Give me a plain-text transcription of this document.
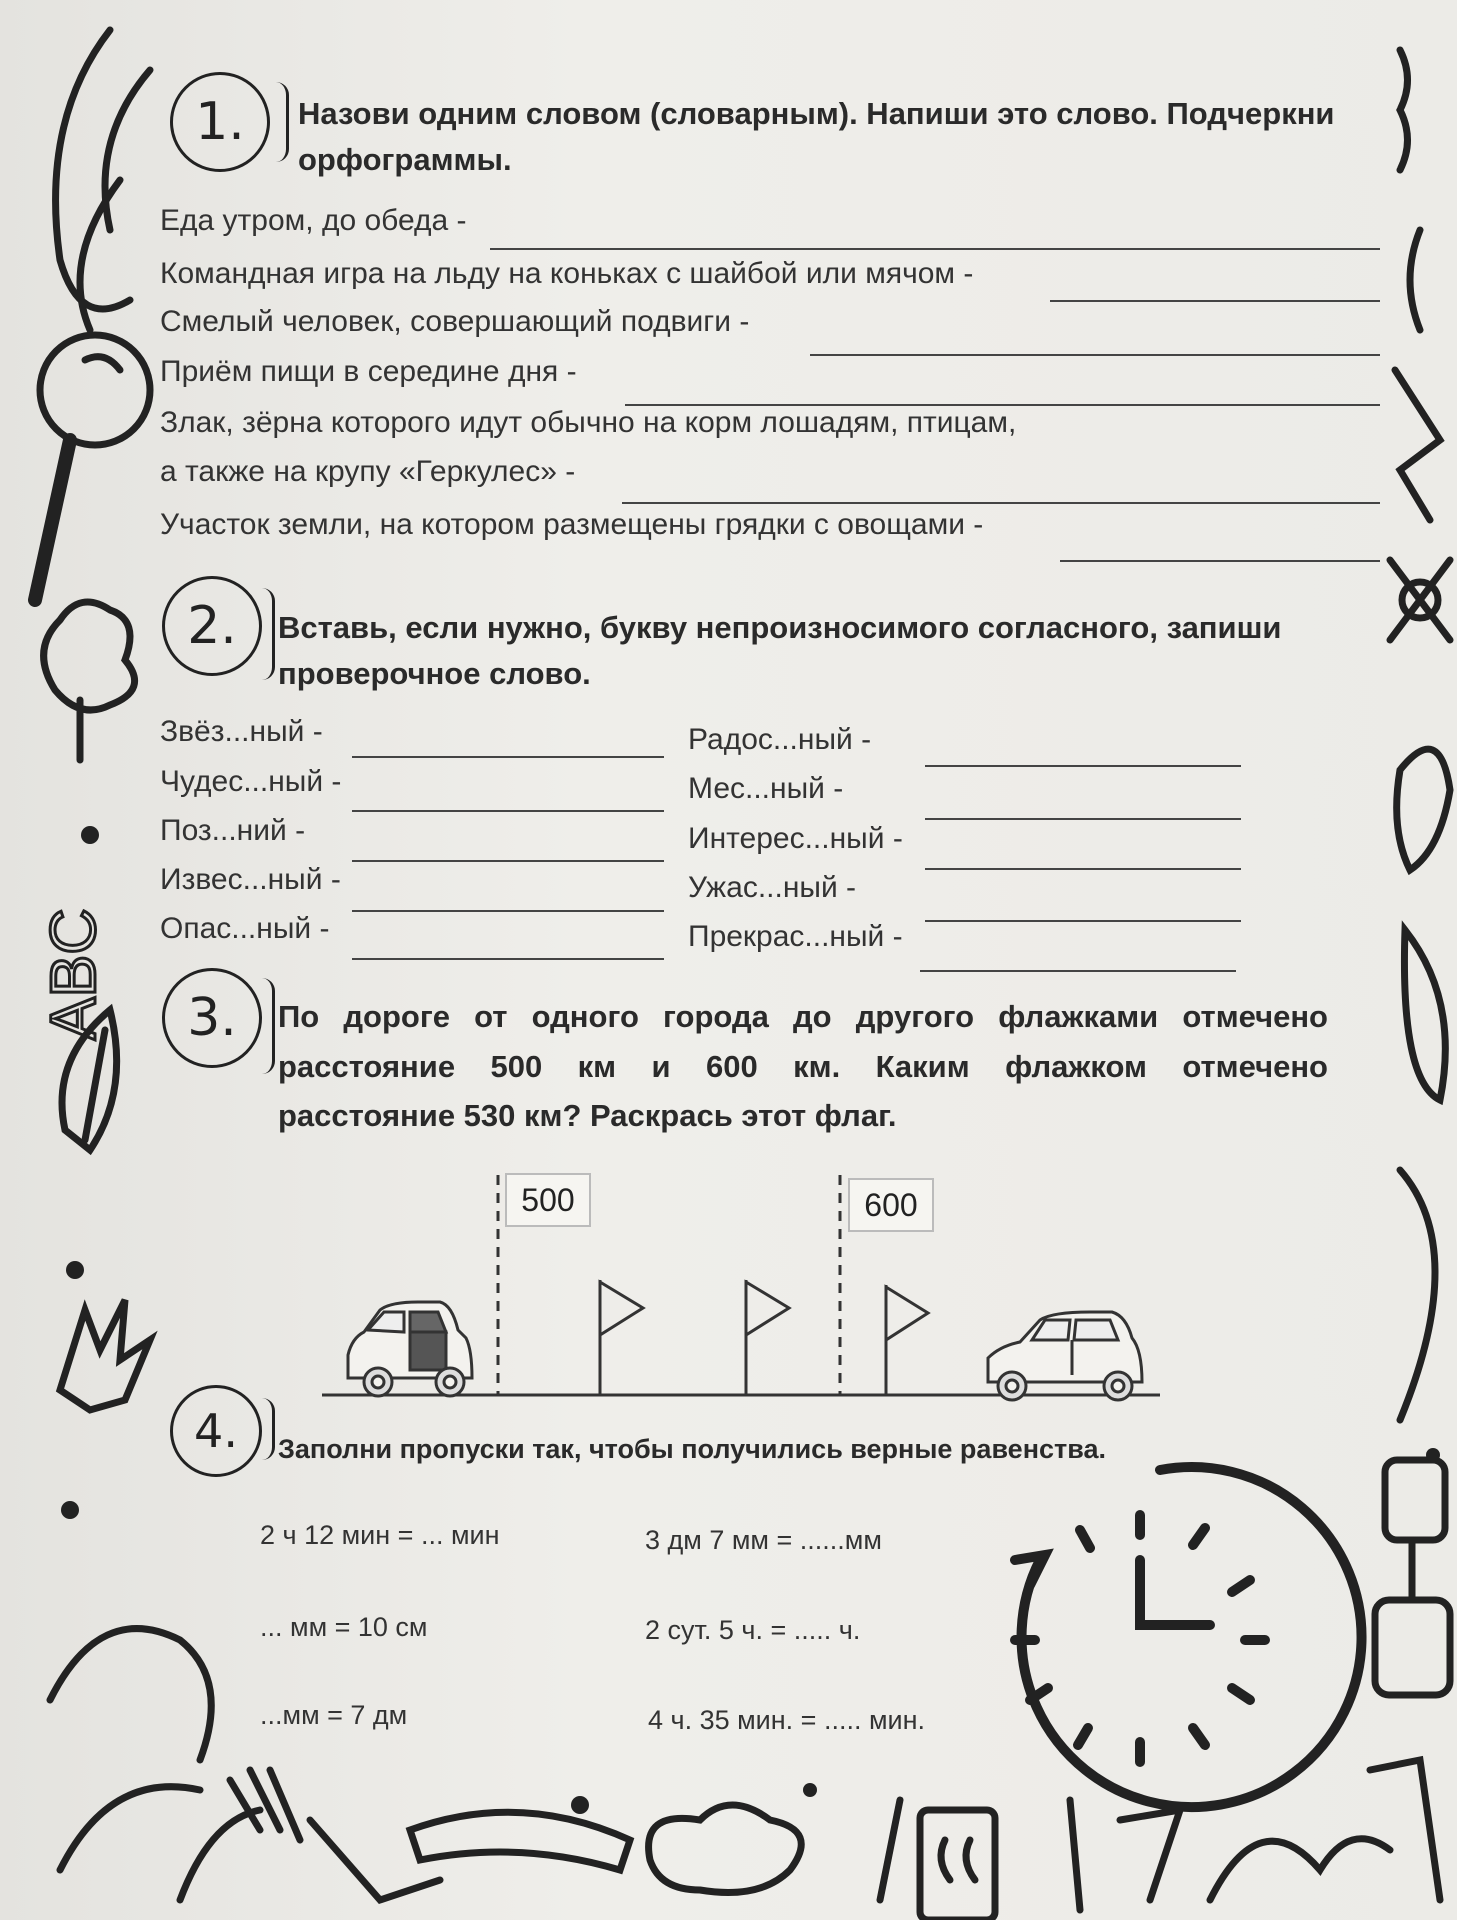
ABC
1.	Назови одним словом (словарным). Напиши это слово. Подчеркни
орфограммы.
Еда утром, до обеда -
Командная игра на льду на коньках с шайбой или мячом -
Смелый человек, совершающий подвиги -
Приём пищи в середине дня -
Злак, зёрна которого идут обычно на корм лошадям, птицам,
а также на крупу «Геркулес» -
Участок земли, на котором размещены грядки с овощами -
2.	Вставь, если нужно, букву непроизносимого согласного, запиши
проверочное слово.
Звёз...ный -
Чудес...ный -
Поз...ний -
Извес...ный -
Опас...ный -
Радос...ный -
Мес...ный -
Интерес...ный -
Ужас...ный -
Прекрас...ный -
3.	По дороге от одного города до другого флажками отмечено
расстояние 500 км и 600 км. Каким флажком отмечено
расстояние 530 км? Раскрась этот флаг.
500	600
4.	Заполни пропуски так, чтобы получились верные равенства.
2 ч 12 мин = ... мин
... мм = 10 см
...мм = 7 дм
3 дм 7 мм = ......мм
2 сут. 5 ч. = ..... ч.
4 ч. 35 мин. = ..... мин.
